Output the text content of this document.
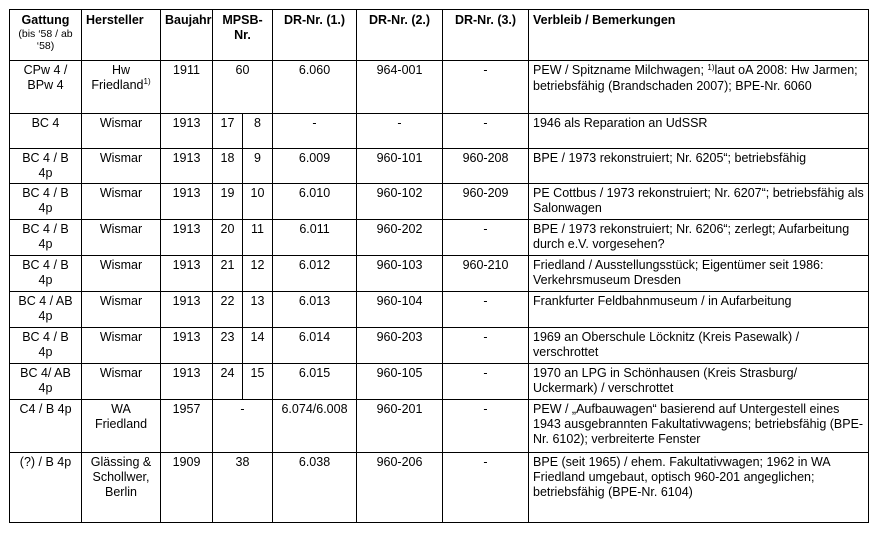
Gattung
(bis ‘58 / ab ‘58)	Hersteller	Baujahr	MPSB-Nr.		DR-Nr. (1.)	DR-Nr. (2.)	DR-Nr. (3.)	Verbleib / Bemerkungen
CPw 4 / BPw 4	Hw Friedland$^{1)}$	1911	60		6.060	964-001	-	PEW / Spitzname Milchwagen; $^{1)}$laut oA 2008: Hw Jarmen; betriebsfähig (Brandschaden 2007); BPE-Nr. 6060
BC 4	Wismar	1913	17	8	-	-	-	1946 als Reparation an UdSSR
BC 4 / B 4p	Wismar	1913	18	9	6.009	960-101	960-208	BPE / 1973 rekonstruiert; Nr. 6205“; betriebsfähig
BC 4 / B 4p	Wismar	1913	19	10	6.010	960-102	960-209	PE Cottbus / 1973 rekonstruiert; Nr. 6207“; betriebsfähig als Salonwagen
BC 4 / B 4p	Wismar	1913	20	11	6.011	960-202	-	BPE / 1973 rekonstruiert; Nr. 6206“; zerlegt; Aufarbeitung durch e.V. vorgesehen?
BC 4 / B 4p	Wismar	1913	21	12	6.012	960-103	960-210	Friedland / Ausstellungsstück; Eigentümer seit 1986: Verkehrsmuseum Dresden
BC 4 / AB 4p	Wismar	1913	22	13	6.013	960-104	-	Frankfurter Feldbahnmuseum / in Aufarbeitung
BC 4 / B 4p	Wismar	1913	23	14	6.014	960-203	-	1969 an Oberschule Löcknitz (Kreis Pasewalk) / verschrottet
BC 4/ AB 4p	Wismar	1913	24	15	6.015	960-105	-	1970 an LPG in Schönhausen (Kreis Strasburg/ Uckermark) / verschrottet
C4 / B 4p	WA Friedland	1957	-		6.074/6.008	960-201	-	PEW / „Aufbauwagen“ basierend auf Untergestell eines 1943 ausgebrannten Fakultativwagens; betriebsfähig (BPE-Nr. 6102); verbreiterte Fenster
(?) / B 4p	Glässing & Schollwer, Berlin	1909	38		6.038	960-206	-	BPE (seit 1965) / ehem. Fakultativwagen; 1962 in WA Friedland umgebaut, optisch 960-201 angeglichen; betriebsfähig (BPE-Nr. 6104)
